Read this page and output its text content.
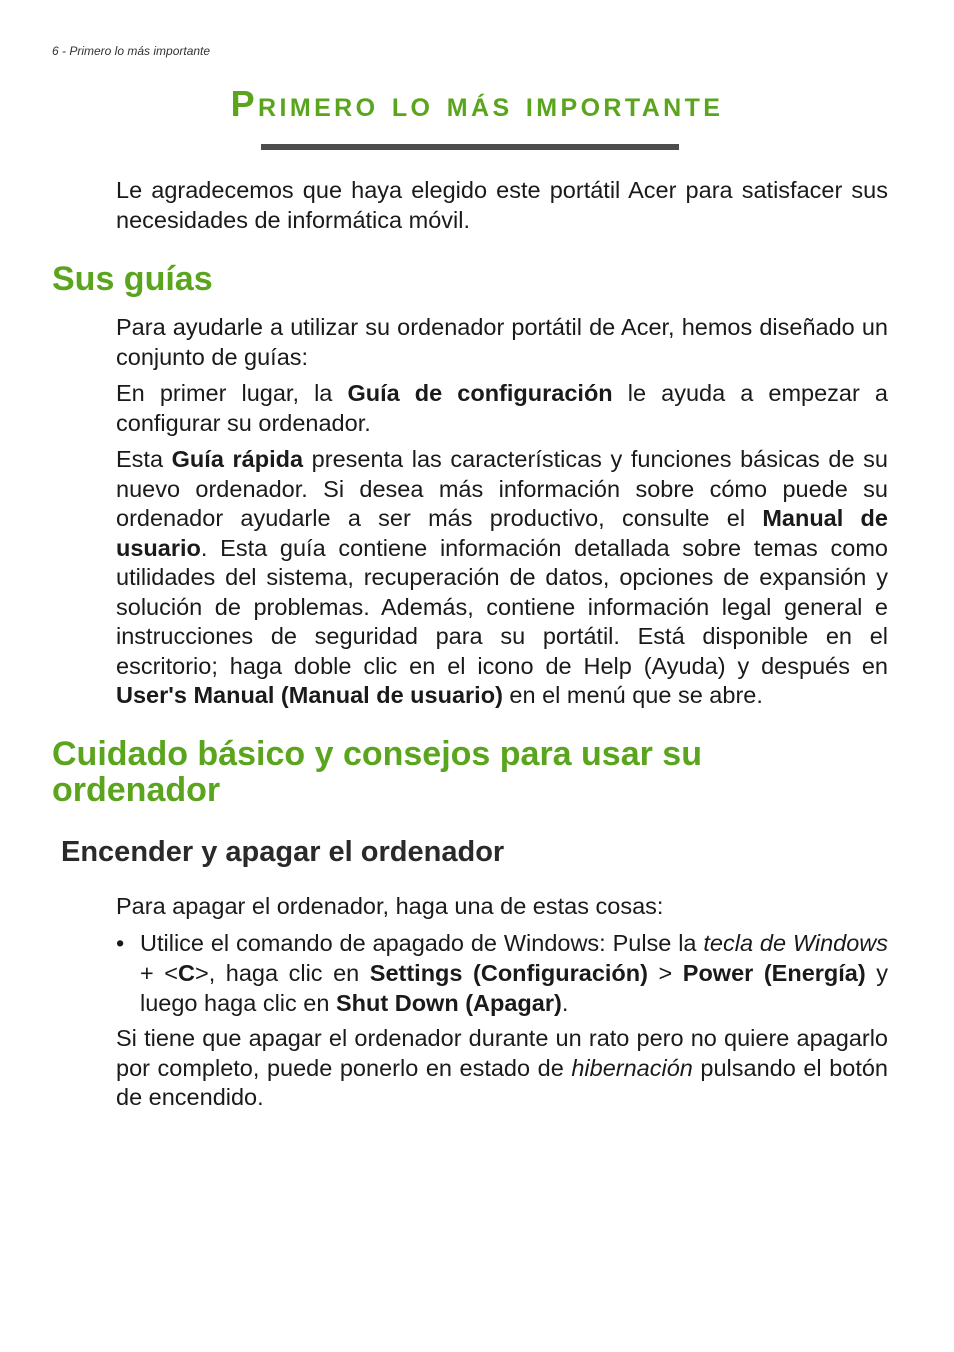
6 - Primero lo más importante
Primero lo más importante

Le agradecemos que haya elegido este portátil Acer para satisfacer sus necesidades de informática móvil.

Sus guías

Para ayudarle a utilizar su ordenador portátil de Acer, hemos diseñado un conjunto de guías:

En primer lugar, la Guía de configuración le ayuda a empezar a configurar su ordenador.

Esta Guía rápida presenta las características y funciones básicas de su nuevo ordenador. Si desea más información sobre cómo puede su ordenador ayudarle a ser más productivo, consulte el Manual de usuario. Esta guía contiene información detallada sobre temas como utilidades del sistema, recuperación de datos, opciones de expansión y solución de problemas. Además, contiene información legal general e instrucciones de seguridad para su portátil. Está disponible en el escritorio; haga doble clic en el icono de Help (Ayuda) y después en User's Manual (Manual de usuario) en el menú que se abre.

Cuidado básico y consejos para usar su ordenador
Encender y apagar el ordenador

Para apagar el ordenador, haga una de estas cosas:

• Utilice el comando de apagado de Windows: Pulse la tecla de Windows + <C>, haga clic en Settings (Configuración) > Power (Energía) y luego haga clic en Shut Down (Apagar).

Si tiene que apagar el ordenador durante un rato pero no quiere apagarlo por completo, puede ponerlo en estado de hibernación pulsando el botón de encendido.
